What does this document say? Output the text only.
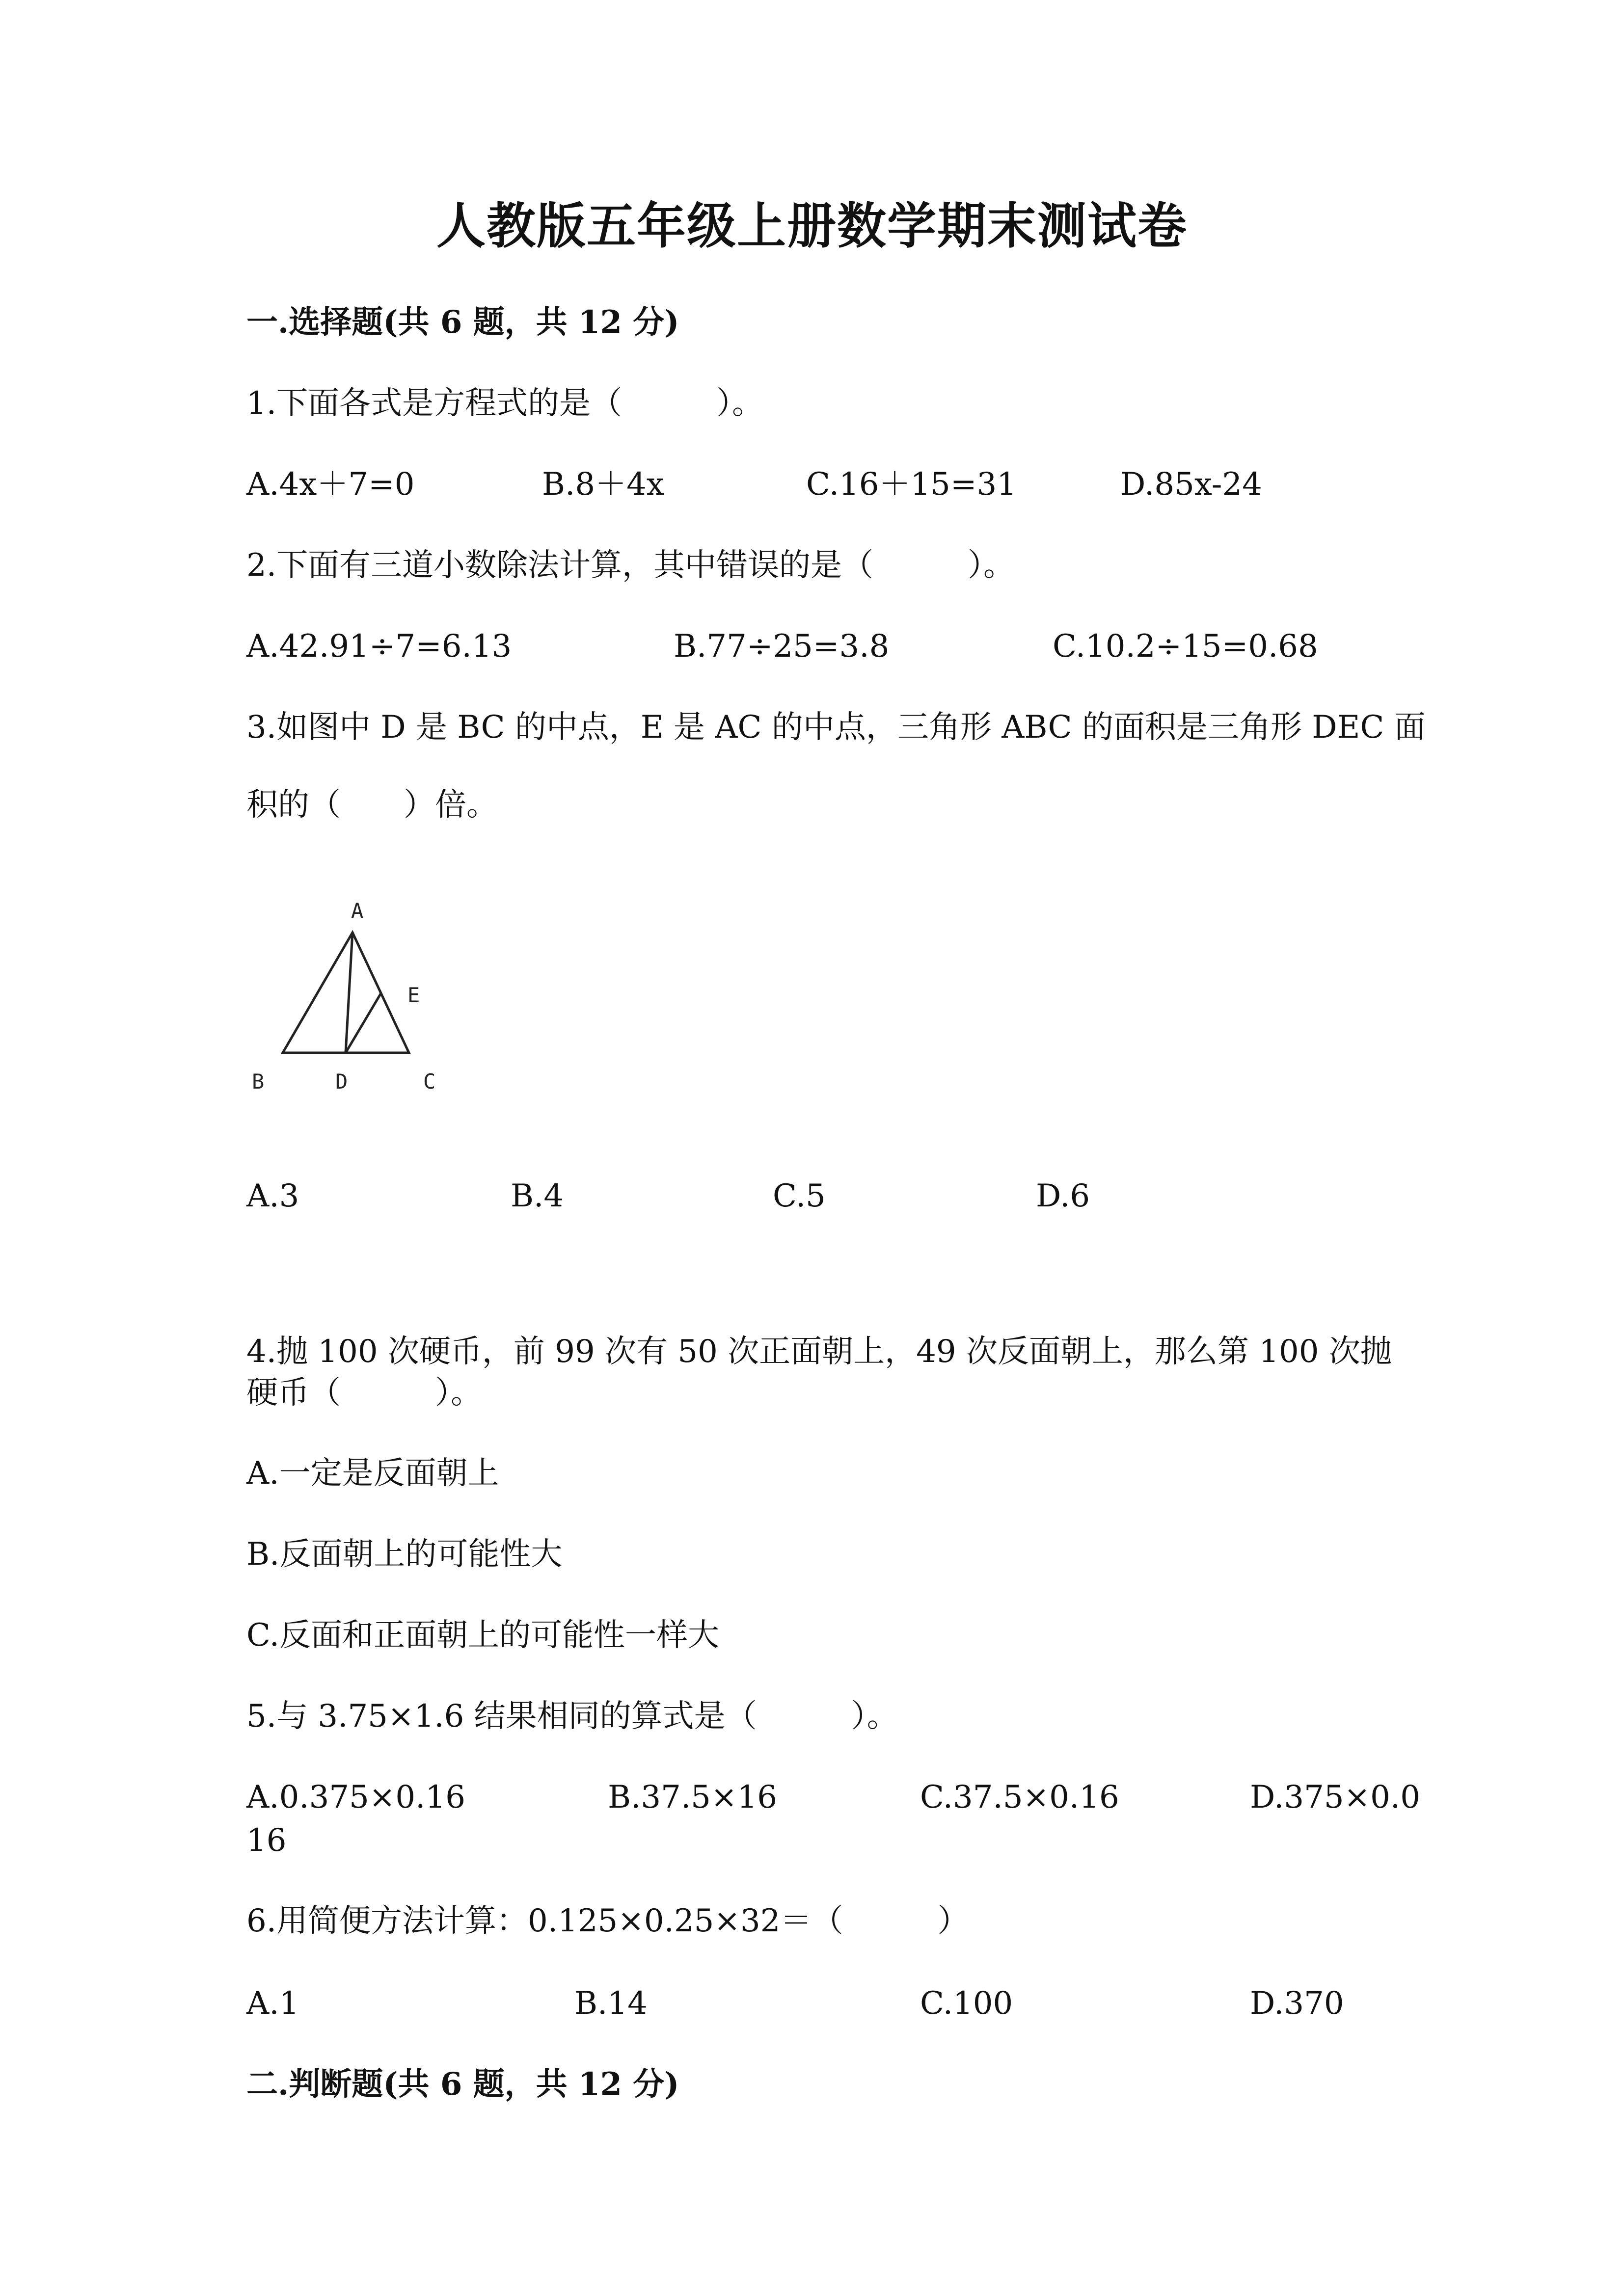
人教版五年级上册数学期末测试卷
一.选择题(共 6 题，共 12 分)
1.下面各式是方程式的是（　　　）。
A.4x＋7=0	B.8＋4x	C.16＋15=31	D.85x-24
2.下面有三道小数除法计算，其中错误的是（　　　）。
A.42.91÷7=6.13	B.77÷25=3.8	C.10.2÷15=0.68
3.如图中 D 是 BC 的中点，E 是 AC 的中点，三角形 ABC 的面积是三角形 DEC 面
积的（　　）倍。
A
E
B	D	C
A.3	B.4	C.5	D.6
4.抛 100 次硬币，前 99 次有 50 次正面朝上，49 次反面朝上，那么第 100 次抛
硬币（　　　）。
A.一定是反面朝上
B.反面朝上的可能性大
C.反面和正面朝上的可能性一样大
5.与 3.75×1.6 结果相同的算式是（　　　）。
A.0.375×0.16	B.37.5×16	C.37.5×0.16	D.375×0.0
16
6.用简便方法计算：0.125×0.25×32＝（　　　）
A.1	B.14	C.100	D.370
二.判断题(共 6 题，共 12 分)
